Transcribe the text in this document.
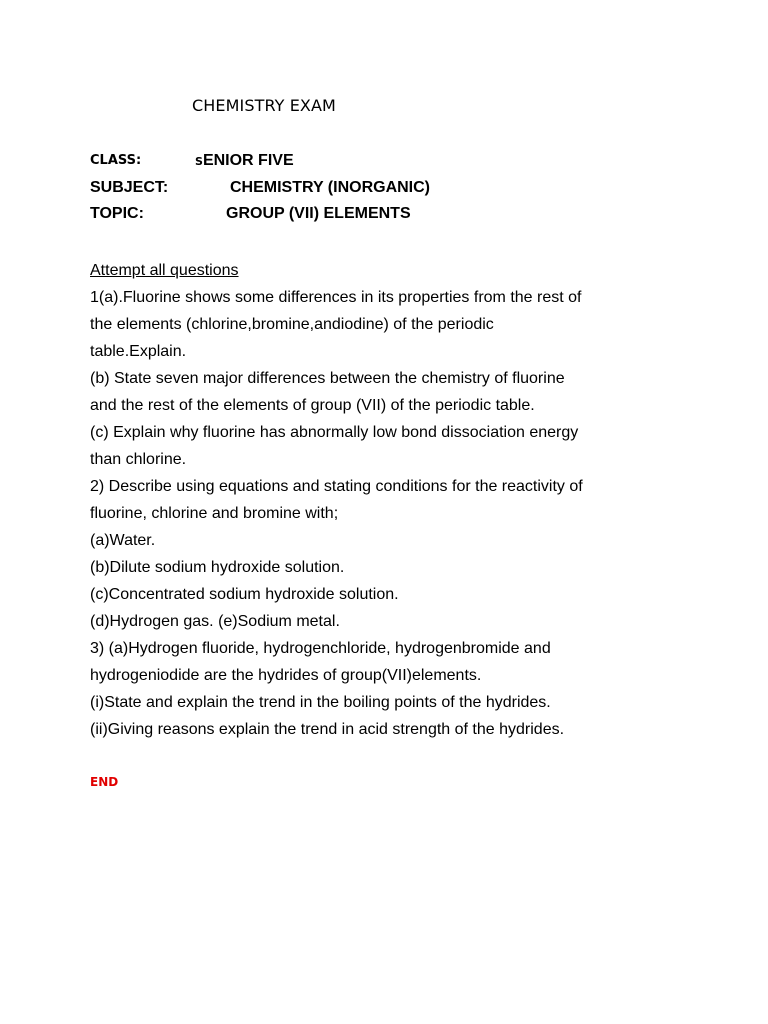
CHEMISTRY EXAM
CLASS:	SENIOR FIVE
SUBJECT:	CHEMISTRY (INORGANIC)
TOPIC:	GROUP (VII) ELEMENTS
Attempt all questions
1(a).Fluorine shows some differences in its properties from the rest of
the elements (chlorine,bromine,andiodine) of the periodic
table.Explain.
(b) State seven major differences between the chemistry of fluorine
and the rest of the elements of group (VII) of the periodic table.
(c) Explain why fluorine has abnormally low bond dissociation energy
than chlorine.
2) Describe using equations and stating conditions for the reactivity of
fluorine, chlorine and bromine with;
(a)Water.
(b)Dilute sodium hydroxide solution.
(c)Concentrated sodium hydroxide solution.
(d)Hydrogen gas. (e)Sodium metal.
3) (a)Hydrogen fluoride, hydrogenchloride, hydrogenbromide and
hydrogeniodide are the hydrides of group(VII)elements.
(i)State and explain the trend in the boiling points of the hydrides.
(ii)Giving reasons explain the trend in acid strength of the hydrides.
END
